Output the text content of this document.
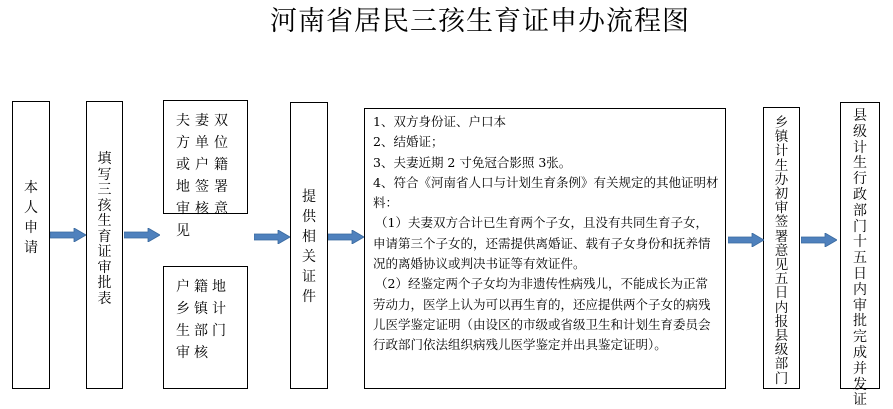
河南省居民三孩生育证申办流程图
本人申请
填写三孩生育证审批表
夫妻双方单位或户籍地签署审核意见
户籍地乡镇计生部门审核
提供相关证件
1、双方身份证、户口本
2、结婚证；
3、夫妻近期 2 寸免冠合影照 3张。
4、符合《河南省人口与计划生育条例》有关规定的其他证明材料：
（1）夫妻双方合计已生育两个子女，且没有共同生育子女，申请第三个子女的，还需提供离婚证、载有子女身份和抚养情况的离婚协议或判决书证等有效证件。
（2）经鉴定两个子女均为非遗传性病残儿，不能成长为正常劳动力，医学上认为可以再生育的，还应提供两个子女的病残儿医学鉴定证明（由设区的市级或省级卫生和计划生育委员会行政部门依法组织病残儿医学鉴定并出具鉴定证明）。
乡镇计生办初审签署意见五日内报县级部门
县级计生行政部门十五日内审批完成并发证
